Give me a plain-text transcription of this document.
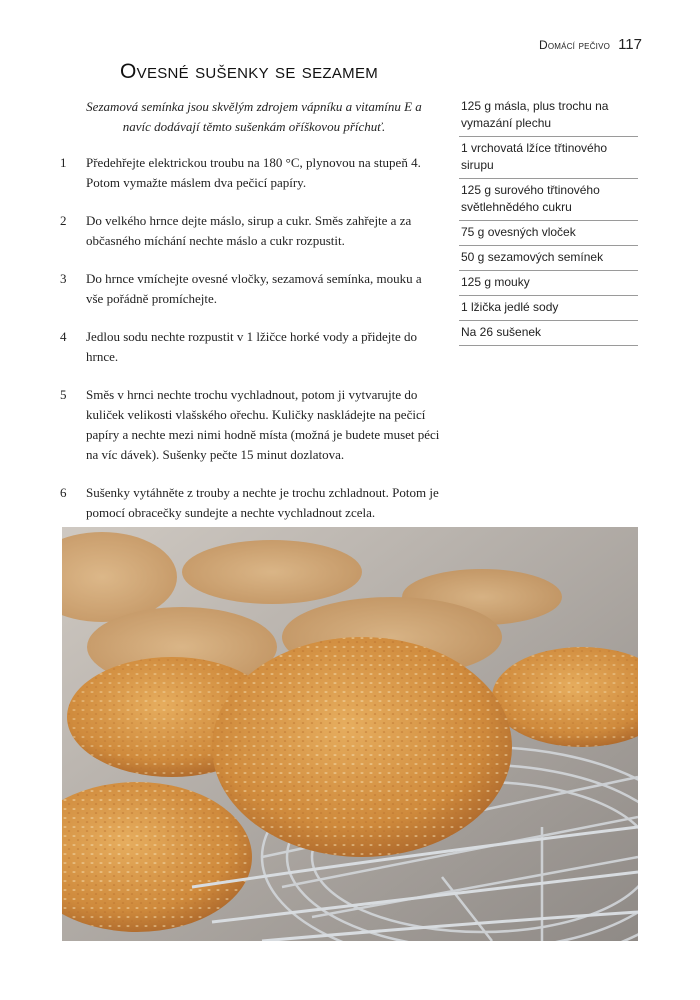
Domácí pečivo 117
Ovesné sušenky se sezamem

Sezamová semínka jsou skvělým zdrojem vápníku a vitamínu E a navíc dodávají těmto sušenkám oříškovou příchuť.

1	Předehřejte elektrickou troubu na 180 °C, plynovou na stupeň 4. Potom vymažte máslem dva pečicí papíry.
2	Do velkého hrnce dejte máslo, sirup a cukr. Směs zahřejte a za občasného míchání nechte máslo a cukr rozpustit.
3	Do hrnce vmíchejte ovesné vločky, sezamová semínka, mouku a vše pořádně promíchejte.
4	Jedlou sodu nechte rozpustit v 1 lžičce horké vody a přidejte do hrnce.
5	Směs v hrnci nechte trochu vychladnout, potom ji vytvarujte do kuliček velikosti vlašského ořechu. Kuličky naskládejte na pečicí papíry a nechte mezi nimi hodně místa (možná je budete muset péci na víc dávek). Sušenky pečte 15 minut dozlatova.
6	Sušenky vytáhněte z trouby a nechte je trochu zchladnout. Potom je pomocí obracečky sundejte a nechte vychladnout zcela.
125 g másla, plus trochu na vymazání plechu
1 vrchovatá lžíce třtinového sirupu
125 g surového třtinového světlehnědého cukru
75 g ovesných vloček
50 g sezamových semínek
125 g mouky
1 lžička jedlé sody
Na 26 sušenek
